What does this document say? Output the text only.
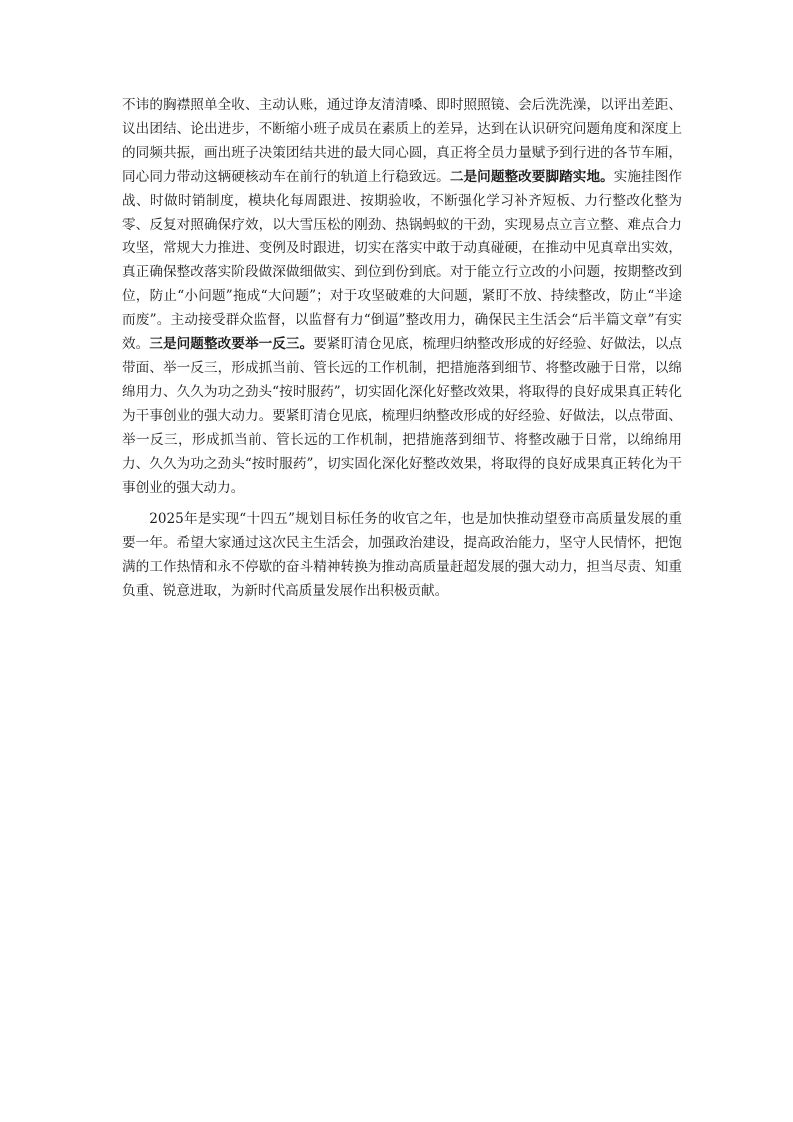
不讳的胸襟照单全收、主动认账，通过诤友清清嗓、即时照照镜、会后洗洗澡，以评出差距、议出团结、论出进步，不断缩小班子成员在素质上的差异，达到在认识研究问题角度和深度上的同频共振，画出班子决策团结共进的最大同心圆，真正将全员力量赋予到行进的各节车厢，同心同力带动这辆硬核动车在前行的轨道上行稳致远。二是问题整改要脚踏实地。实施挂图作战、时做时销制度，模块化每周跟进、按期验收，不断强化学习补齐短板、力行整改化整为零、反复对照确保疗效，以大雪压松的刚劲、热锅蚂蚁的干劲，实现易点立言立整、难点合力攻坚，常规大力推进、变例及时跟进，切实在落实中敢于动真碰硬，在推动中见真章出实效，真正确保整改落实阶段做深做细做实、到位到份到底。对于能立行立改的小问题，按期整改到位，防止“小问题”拖成“大问题”；对于攻坚破难的大问题，紧盯不放、持续整改，防止“半途而废”。主动接受群众监督，以监督有力“倒逼”整改用力，确保民主生活会“后半篇文章”有实效。三是问题整改要举一反三。要紧盯清仓见底，梳理归纳整改形成的好经验、好做法，以点带面、举一反三，形成抓当前、管长远的工作机制，把措施落到细节、将整改融于日常，以绵绵用力、久久为功之劲头“按时服药”，切实固化深化好整改效果，将取得的良好成果真正转化为干事创业的强大动力。要紧盯清仓见底，梳理归纳整改形成的好经验、好做法，以点带面、举一反三，形成抓当前、管长远的工作机制，把措施落到细节、将整改融于日常，以绵绵用力、久久为功之劲头“按时服药”，切实固化深化好整改效果，将取得的良好成果真正转化为干事创业的强大动力。

2025年是实现“十四五”规划目标任务的收官之年，也是加快推动望登市高质量发展的重要一年。希望大家通过这次民主生活会，加强政治建设，提高政治能力，坚守人民情怀，把饱满的工作热情和永不停歇的奋斗精神转换为推动高质量赶超发展的强大动力，担当尽责、知重负重、锐意进取，为新时代高质量发展作出积极贡献。
